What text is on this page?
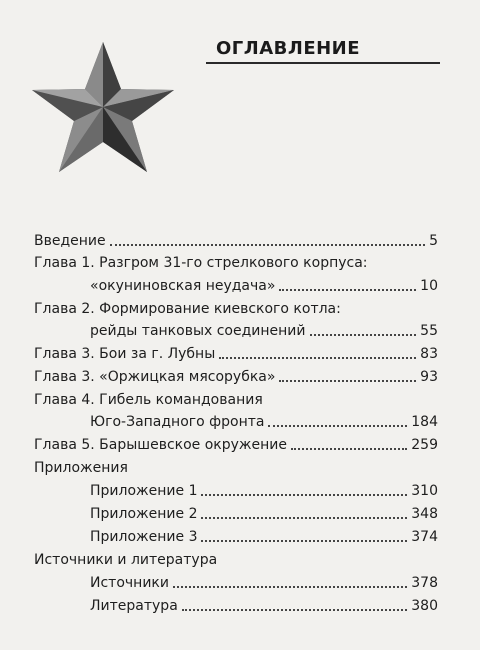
ОГЛАВЛЕНИЕ
Введение	5
Глава 1. Разгром 31-го стрелкового корпуса:
«окуниновская неудача»	10
Глава 2. Формирование киевского котла:
рейды танковых соединений	55
Глава 3. Бои за г. Лубны	83
Глава 3. «Оржицкая мясорубка»	93
Глава 4. Гибель командования
Юго-Западного фронта	184
Глава 5. Барышевское окружение	259
Приложения
Приложение 1	310
Приложение 2	348
Приложение 3	374
Источники и литература
Источники	378
Литература	380
